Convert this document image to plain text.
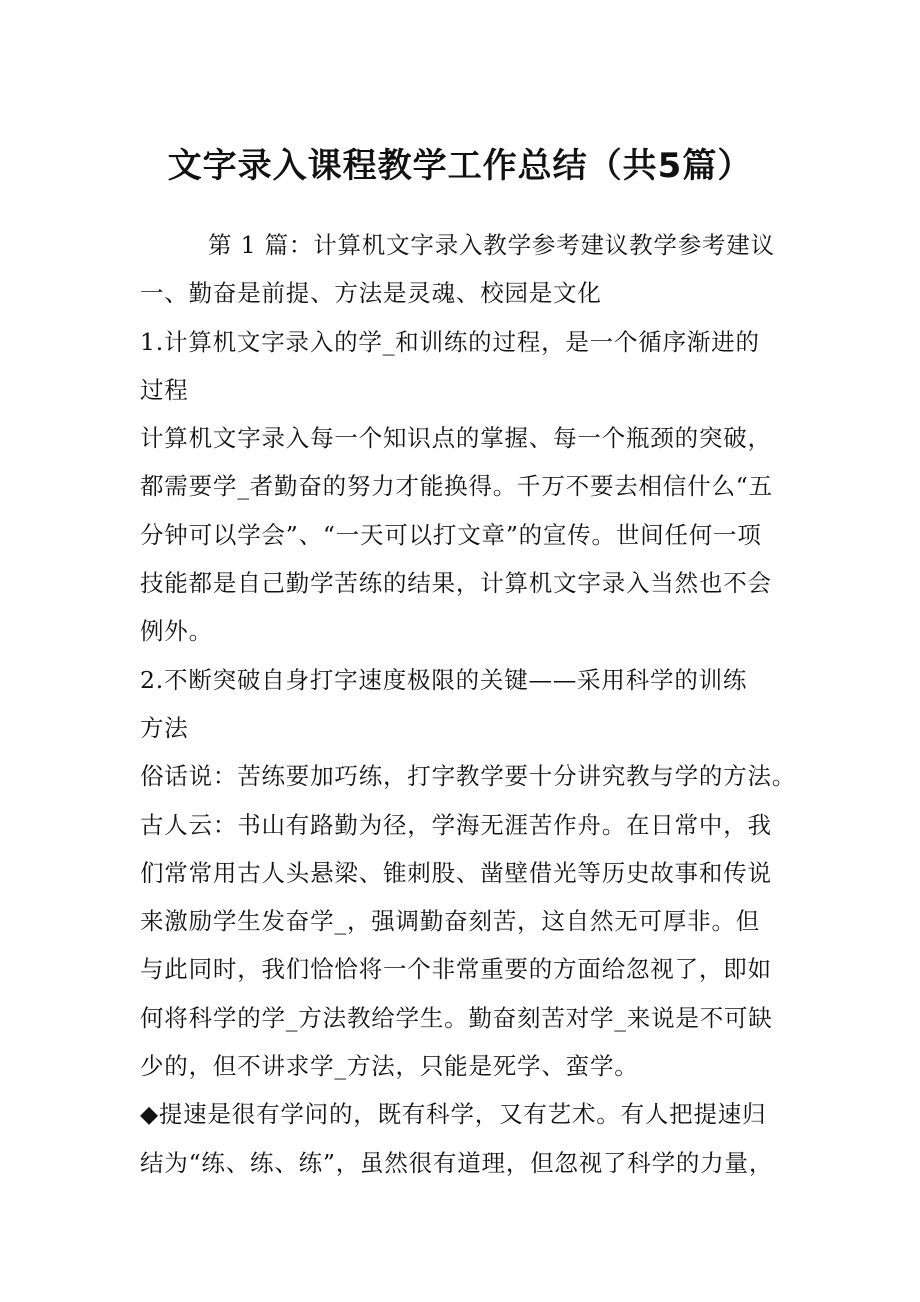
文字录入课程教学工作总结（共5篇）
第 1 篇：计算机文字录入教学参考建议教学参考建议
一、勤奋是前提、方法是灵魂、校园是文化
1.计算机文字录入的学_和训练的过程，是一个循序渐进的
过程
计算机文字录入每一个知识点的掌握、每一个瓶颈的突破，
都需要学_者勤奋的努力才能换得。千万不要去相信什么“五
分钟可以学会”、“一天可以打文章”的宣传。世间任何一项
技能都是自己勤学苦练的结果，计算机文字录入当然也不会
例外。
2.不断突破自身打字速度极限的关键——采用科学的训练
方法
俗话说：苦练要加巧练，打字教学要十分讲究教与学的方法。
古人云：书山有路勤为径，学海无涯苦作舟。在日常中，我
们常常用古人头悬梁、锥刺股、凿壁借光等历史故事和传说
来激励学生发奋学_，强调勤奋刻苦，这自然无可厚非。但
与此同时，我们恰恰将一个非常重要的方面给忽视了，即如
何将科学的学_方法教给学生。勤奋刻苦对学_来说是不可缺
少的，但不讲求学_方法，只能是死学、蛮学。
◆提速是很有学问的，既有科学，又有艺术。有人把提速归
结为“练、练、练”，虽然很有道理，但忽视了科学的力量，
